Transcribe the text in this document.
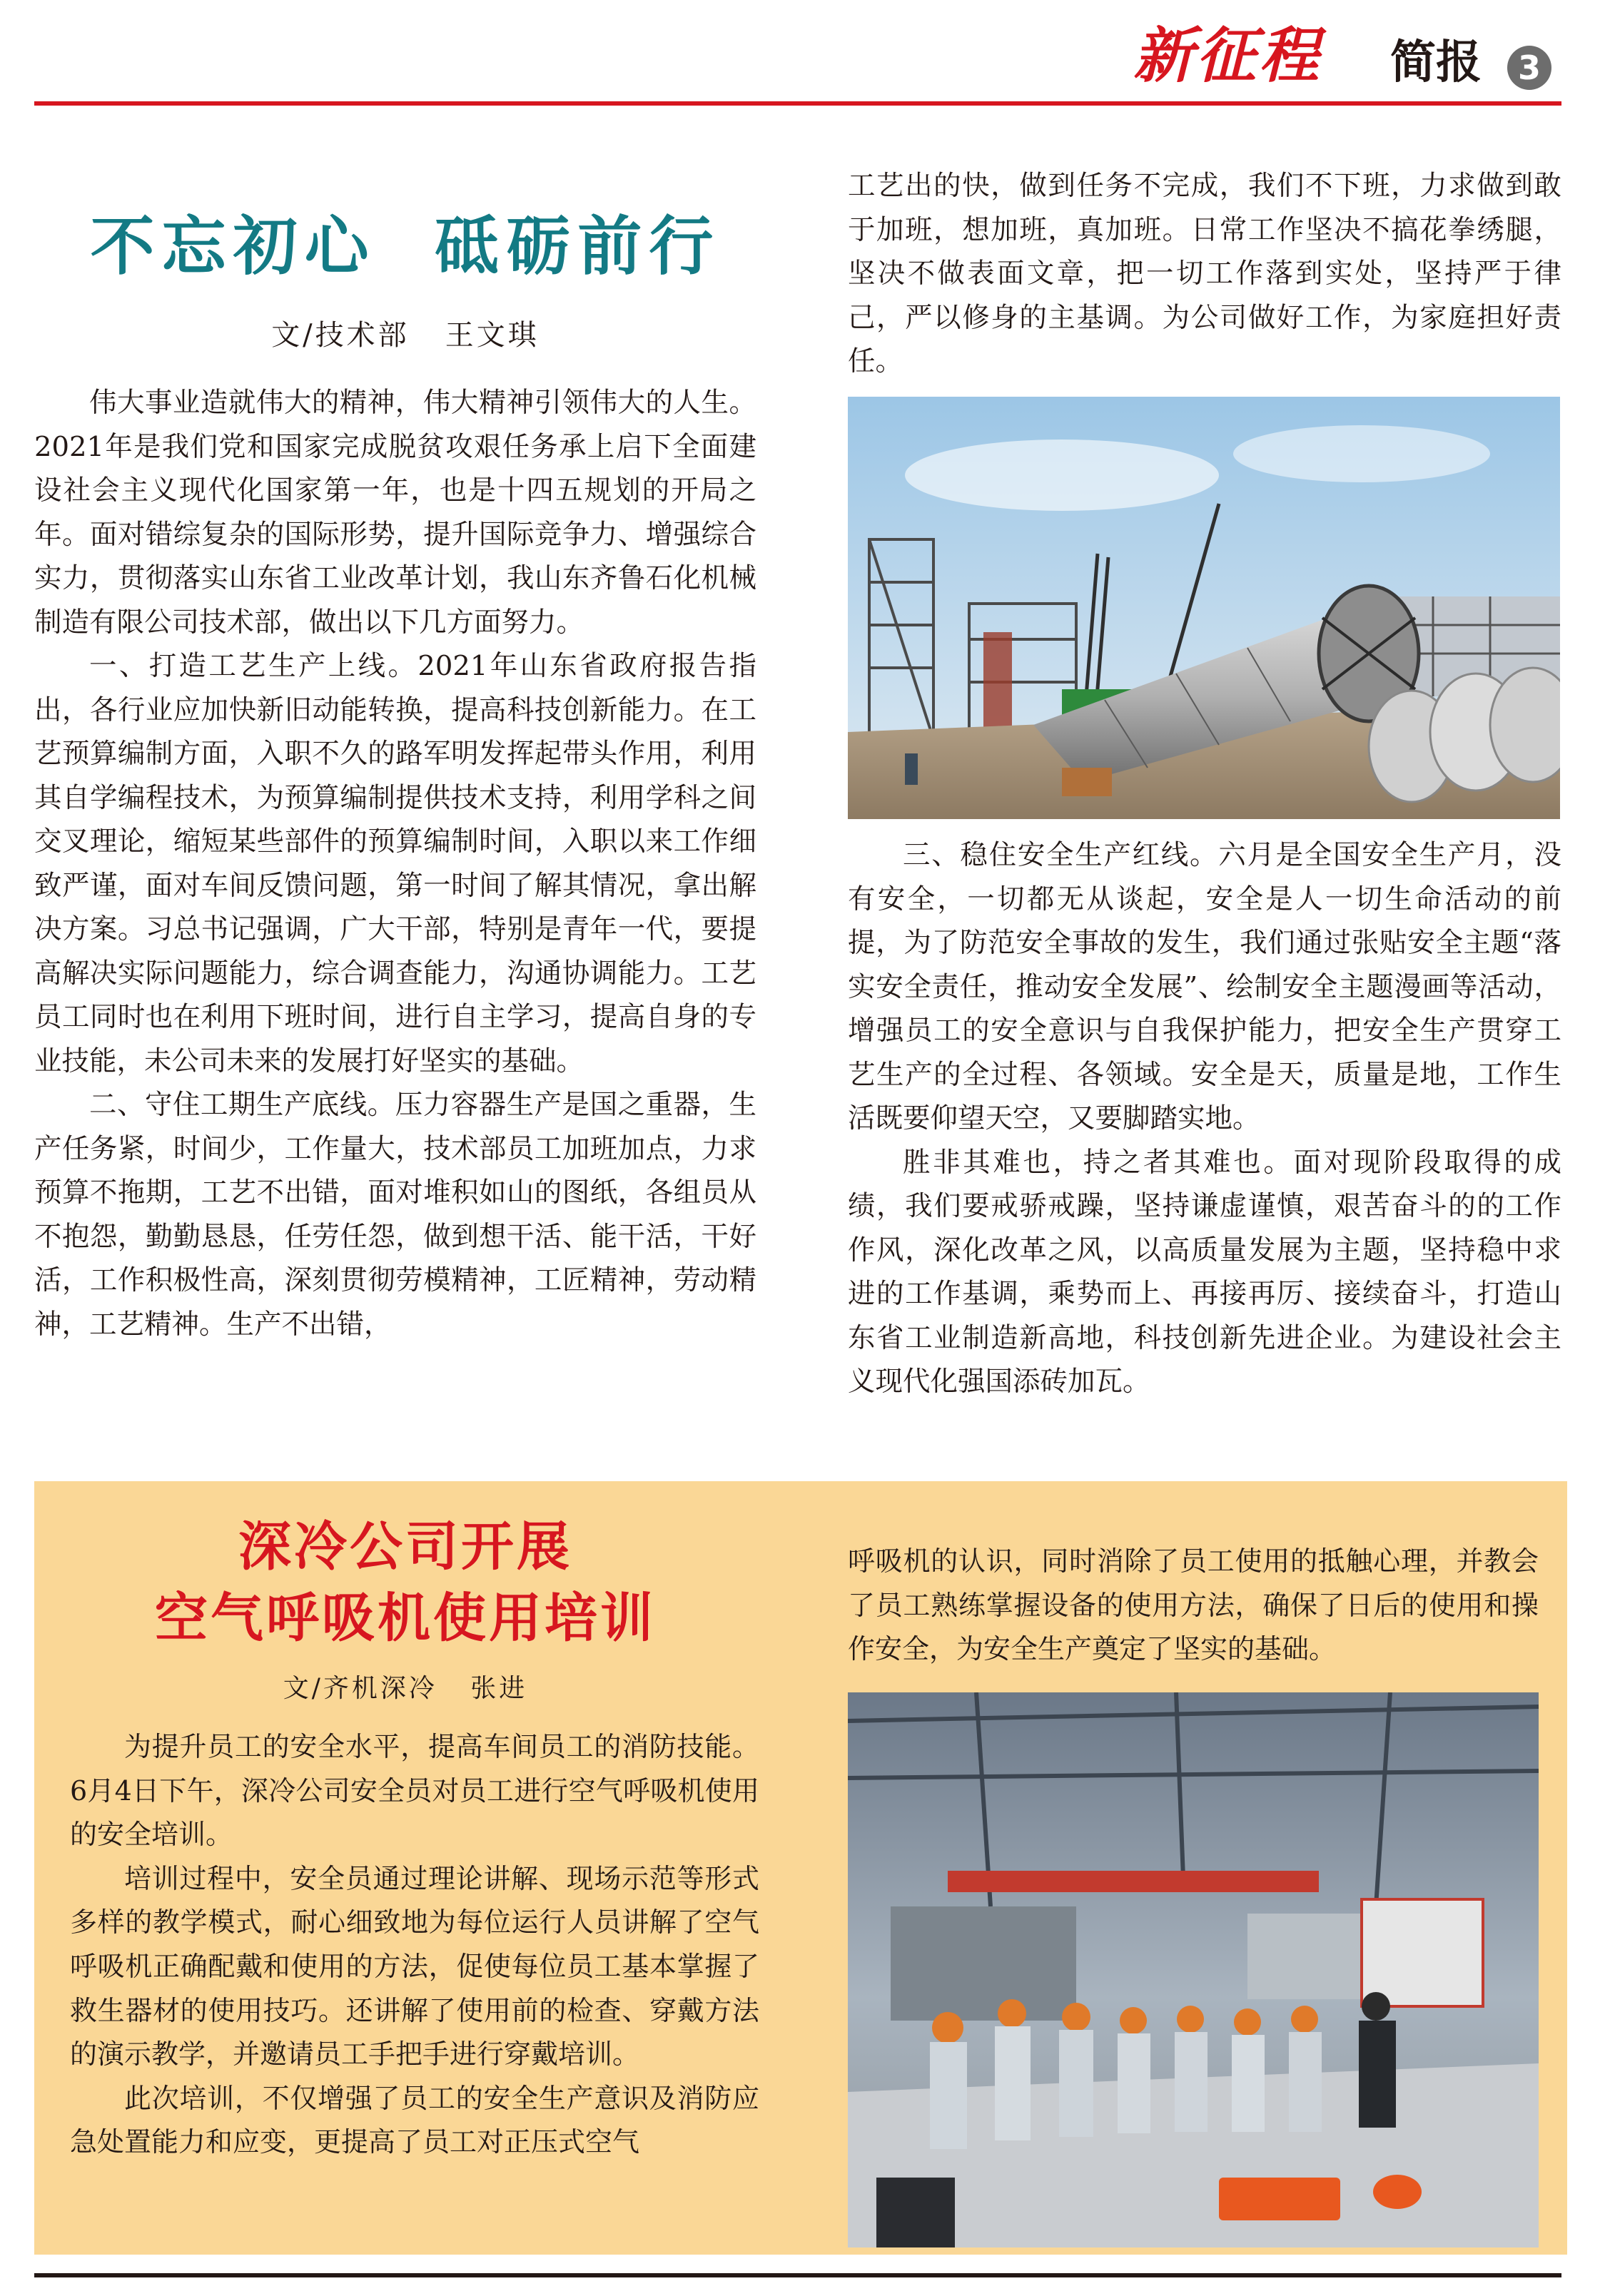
新征程 简报	3
不忘初心  砥砺前行
文/技术部   王文琪

伟大事业造就伟大的精神，伟大精神引领伟大的人生。2021年是我们党和国家完成脱贫攻艰任务承上启下全面建设社会主义现代化国家第一年，也是十四五规划的开局之年。面对错综复杂的国际形势，提升国际竞争力、增强综合实力，贯彻落实山东省工业改革计划，我山东齐鲁石化机械制造有限公司技术部，做出以下几方面努力。

一、打造工艺生产上线。2021年山东省政府报告指出，各行业应加快新旧动能转换，提高科技创新能力。在工艺预算编制方面，入职不久的路军明发挥起带头作用，利用其自学编程技术，为预算编制提供技术支持，利用学科之间交叉理论，缩短某些部件的预算编制时间，入职以来工作细致严谨，面对车间反馈问题，第一时间了解其情况，拿出解决方案。习总书记强调，广大干部，特别是青年一代，要提高解决实际问题能力，综合调查能力，沟通协调能力。工艺员工同时也在利用下班时间，进行自主学习，提高自身的专业技能，未公司未来的发展打好坚实的基础。

二、守住工期生产底线。压力容器生产是国之重器，生产任务紧，时间少，工作量大，技术部员工加班加点，力求预算不拖期，工艺不出错，面对堆积如山的图纸，各组员从不抱怨，勤勤恳恳，任劳任怨，做到想干活、能干活，干好活，工作积极性高，深刻贯彻劳模精神，工匠精神，劳动精神，工艺精神。生产不出错，

工艺出的快，做到任务不完成，我们不下班，力求做到敢于加班，想加班，真加班。日常工作坚决不搞花拳绣腿，坚决不做表面文章，把一切工作落到实处，坚持严于律己，严以修身的主基调。为公司做好工作，为家庭担好责任。

三、稳住安全生产红线。六月是全国安全生产月，没有安全，一切都无从谈起，安全是人一切生命活动的前提，为了防范安全事故的发生，我们通过张贴安全主题“落实安全责任，推动安全发展”、绘制安全主题漫画等活动，增强员工的安全意识与自我保护能力，把安全生产贯穿工艺生产的全过程、各领域。安全是天，质量是地，工作生活既要仰望天空，又要脚踏实地。

胜非其难也，持之者其难也。面对现阶段取得的成绩，我们要戒骄戒躁，坚持谦虚谨慎，艰苦奋斗的的工作作风，深化改革之风，以高质量发展为主题，坚持稳中求进的工作基调，乘势而上、再接再厉、接续奋斗，打造山东省工业制造新高地，科技创新先进企业。为建设社会主义现代化强国添砖加瓦。

深冷公司开展
空气呼吸机使用培训
文/齐机深冷   张进

为提升员工的安全水平，提高车间员工的消防技能。6月4日下午，深冷公司安全员对员工进行空气呼吸机使用的安全培训。

培训过程中，安全员通过理论讲解、现场示范等形式多样的教学模式，耐心细致地为每位运行人员讲解了空气呼吸机正确配戴和使用的方法，促使每位员工基本掌握了救生器材的使用技巧。还讲解了使用前的检查、穿戴方法的演示教学，并邀请员工手把手进行穿戴培训。

此次培训，不仅增强了员工的安全生产意识及消防应急处置能力和应变，更提高了员工对正压式空气

呼吸机的认识，同时消除了员工使用的抵触心理，并教会了员工熟练掌握设备的使用方法，确保了日后的使用和操作安全，为安全生产奠定了坚实的基础。
